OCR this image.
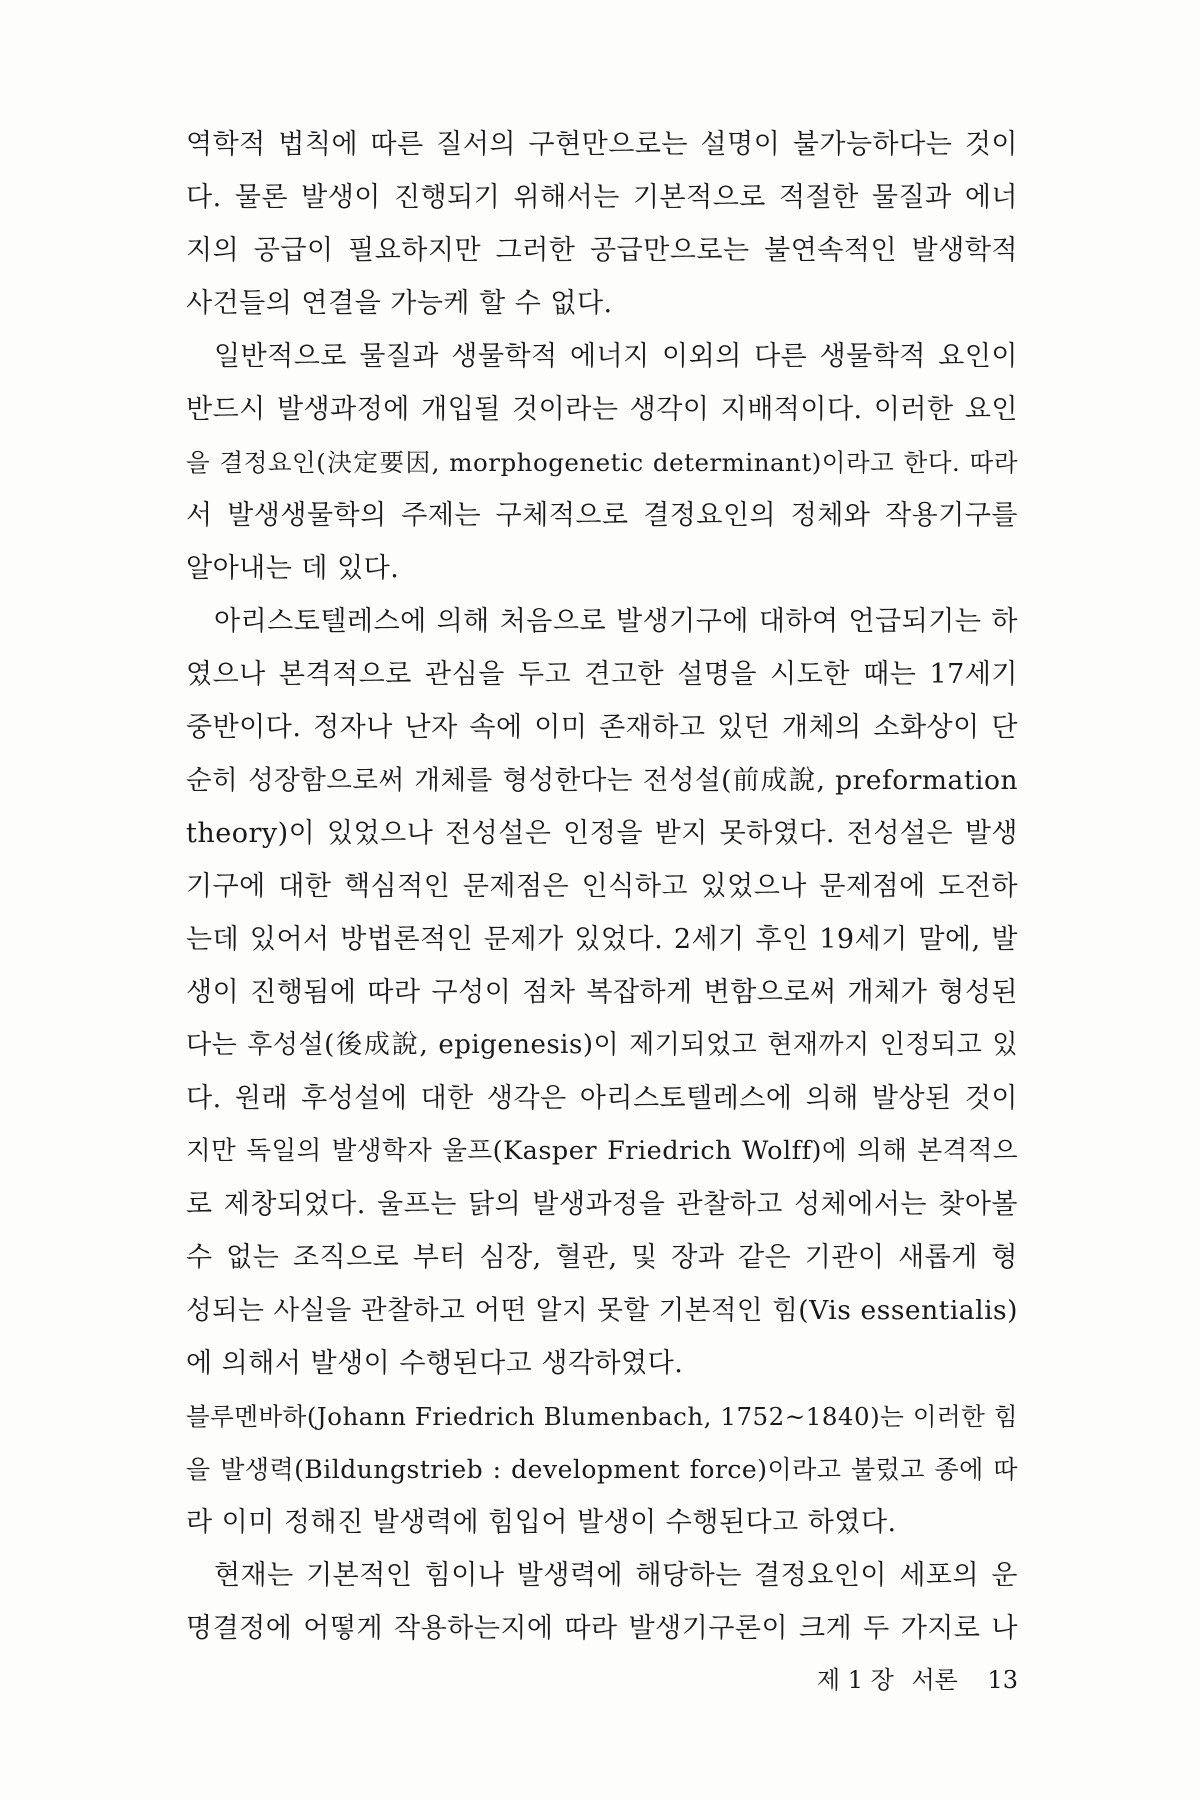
역학적 법칙에 따른 질서의 구현만으로는 설명이 불가능하다는 것이
다. 물론 발생이 진행되기 위해서는 기본적으로 적절한 물질과 에너
지의 공급이 필요하지만 그러한 공급만으로는 불연속적인 발생학적
사건들의 연결을 가능케 할 수 없다.
일반적으로 물질과 생물학적 에너지 이외의 다른 생물학적 요인이
반드시 발생과정에 개입될 것이라는 생각이 지배적이다. 이러한 요인
을 결정요인(決定要因, morphogenetic determinant)이라고 한다. 따라
서 발생생물학의 주제는 구체적으로 결정요인의 정체와 작용기구를
알아내는 데 있다.
아리스토텔레스에 의해 처음으로 발생기구에 대하여 언급되기는 하
였으나 본격적으로 관심을 두고 견고한 설명을 시도한 때는 17세기
중반이다. 정자나 난자 속에 이미 존재하고 있던 개체의 소화상이 단
순히 성장함으로써 개체를 형성한다는 전성설(前成說, preformation
theory)이 있었으나 전성설은 인정을 받지 못하였다. 전성설은 발생
기구에 대한 핵심적인 문제점은 인식하고 있었으나 문제점에 도전하
는데 있어서 방법론적인 문제가 있었다. 2세기 후인 19세기 말에, 발
생이 진행됨에 따라 구성이 점차 복잡하게 변함으로써 개체가 형성된
다는 후성설(後成說, epigenesis)이 제기되었고 현재까지 인정되고 있
다. 원래 후성설에 대한 생각은 아리스토텔레스에 의해 발상된 것이
지만 독일의 발생학자 울프(Kasper Friedrich Wolff)에 의해 본격적으
로 제창되었다. 울프는 닭의 발생과정을 관찰하고 성체에서는 찾아볼
수 없는 조직으로 부터 심장, 혈관, 및 장과 같은 기관이 새롭게 형
성되는 사실을 관찰하고 어떤 알지 못할 기본적인 힘(Vis essentialis)
에 의해서 발생이 수행된다고 생각하였다.
블루멘바하(Johann Friedrich Blumenbach, 1752~1840)는 이러한 힘
을 발생력(Bildungstrieb : development force)이라고 불렀고 종에 따
라 이미 정해진 발생력에 힘입어 발생이 수행된다고 하였다.
현재는 기본적인 힘이나 발생력에 해당하는 결정요인이 세포의 운
명결정에 어떻게 작용하는지에 따라 발생기구론이 크게 두 가지로 나
제 1 장 서론 13
